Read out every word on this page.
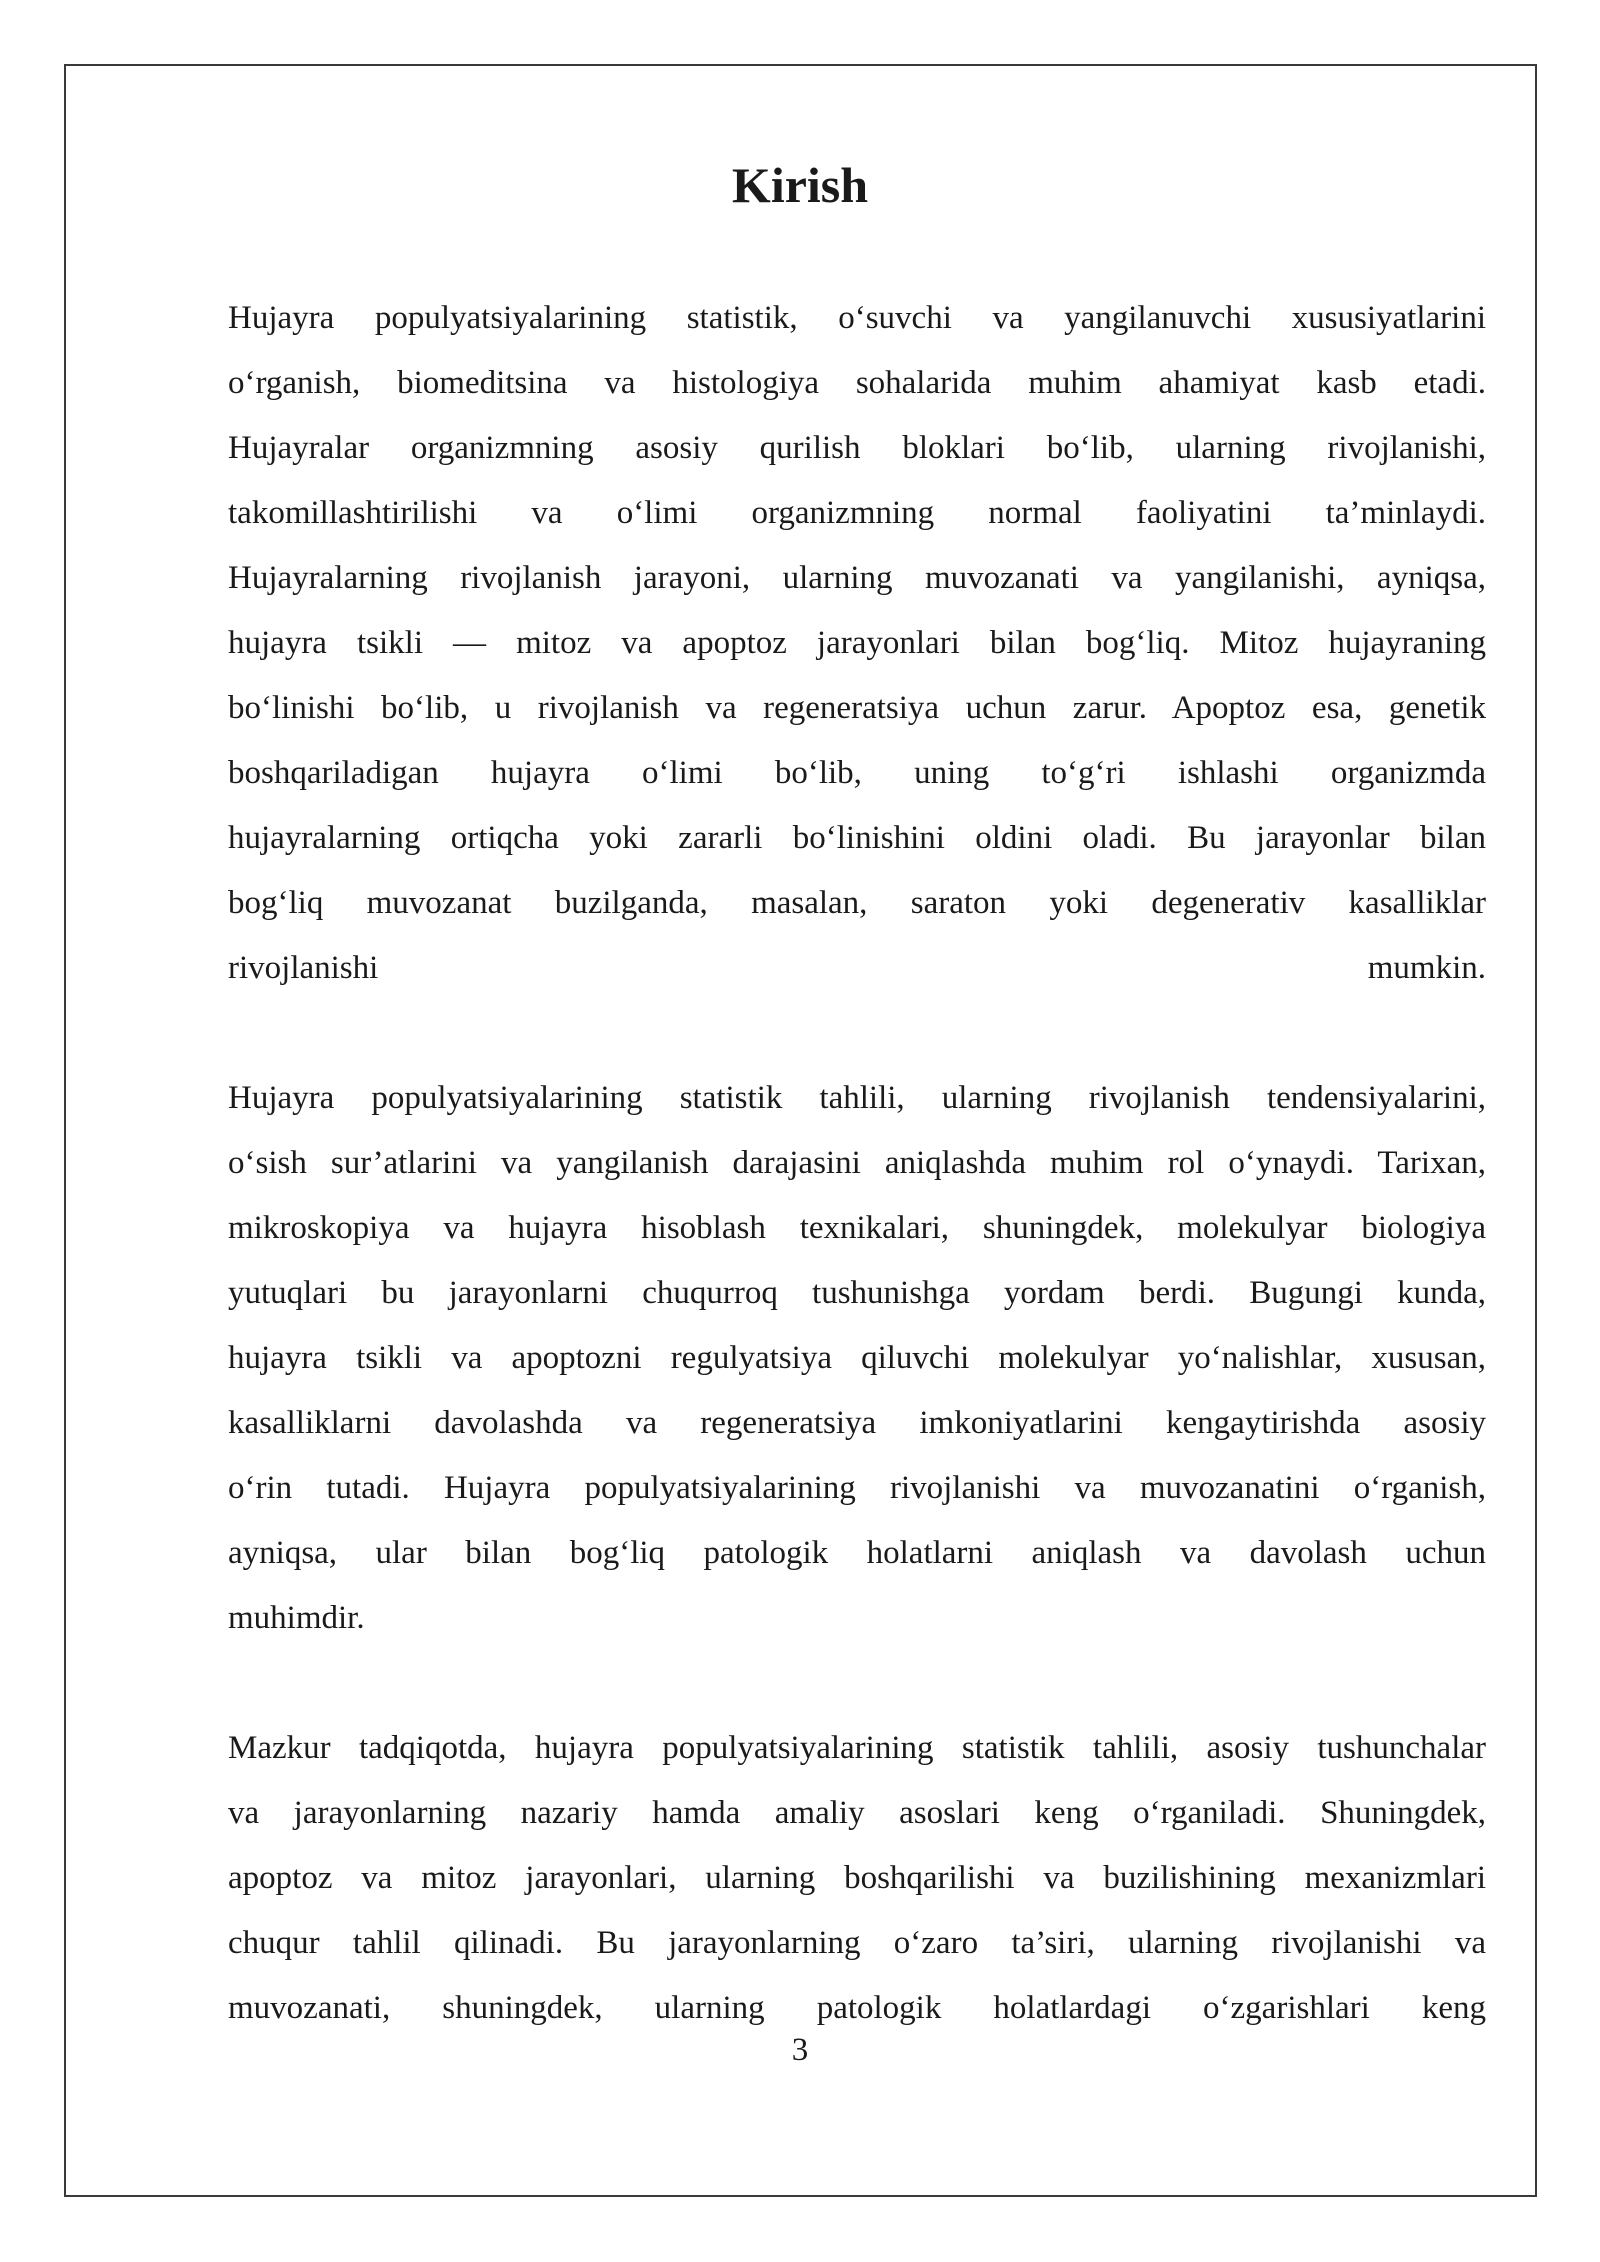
Kirish
Hujayra populyatsiyalarining statistik, o‘suvchi va yangilanuvchi xususiyatlarini
o‘rganish, biomeditsina va histologiya sohalarida muhim ahamiyat kasb etadi.
Hujayralar organizmning asosiy qurilish bloklari bo‘lib, ularning rivojlanishi,
takomillashtirilishi va o‘limi organizmning normal faoliyatini ta’minlaydi.
Hujayralarning rivojlanish jarayoni, ularning muvozanati va yangilanishi, ayniqsa,
hujayra tsikli — mitoz va apoptoz jarayonlari bilan bog‘liq. Mitoz hujayraning
bo‘linishi bo‘lib, u rivojlanish va regeneratsiya uchun zarur. Apoptoz esa, genetik
boshqariladigan hujayra o‘limi bo‘lib, uning to‘g‘ri ishlashi organizmda
hujayralarning ortiqcha yoki zararli bo‘linishini oldini oladi. Bu jarayonlar bilan
bog‘liq muvozanat buzilganda, masalan, saraton yoki degenerativ kasalliklar
rivojlanishi mumkin.
Hujayra populyatsiyalarining statistik tahlili, ularning rivojlanish tendensiyalarini,
o‘sish sur’atlarini va yangilanish darajasini aniqlashda muhim rol o‘ynaydi. Tarixan,
mikroskopiya va hujayra hisoblash texnikalari, shuningdek, molekulyar biologiya
yutuqlari bu jarayonlarni chuqurroq tushunishga yordam berdi. Bugungi kunda,
hujayra tsikli va apoptozni regulyatsiya qiluvchi molekulyar yo‘nalishlar, xususan,
kasalliklarni davolashda va regeneratsiya imkoniyatlarini kengaytirishda asosiy
o‘rin tutadi. Hujayra populyatsiyalarining rivojlanishi va muvozanatini o‘rganish,
ayniqsa, ular bilan bog‘liq patologik holatlarni aniqlash va davolash uchun
muhimdir.
Mazkur tadqiqotda, hujayra populyatsiyalarining statistik tahlili, asosiy tushunchalar
va jarayonlarning nazariy hamda amaliy asoslari keng o‘rganiladi. Shuningdek,
apoptoz va mitoz jarayonlari, ularning boshqarilishi va buzilishining mexanizmlari
chuqur tahlil qilinadi. Bu jarayonlarning o‘zaro ta’siri, ularning rivojlanishi va
muvozanati, shuningdek, ularning patologik holatlardagi o‘zgarishlari keng
3
